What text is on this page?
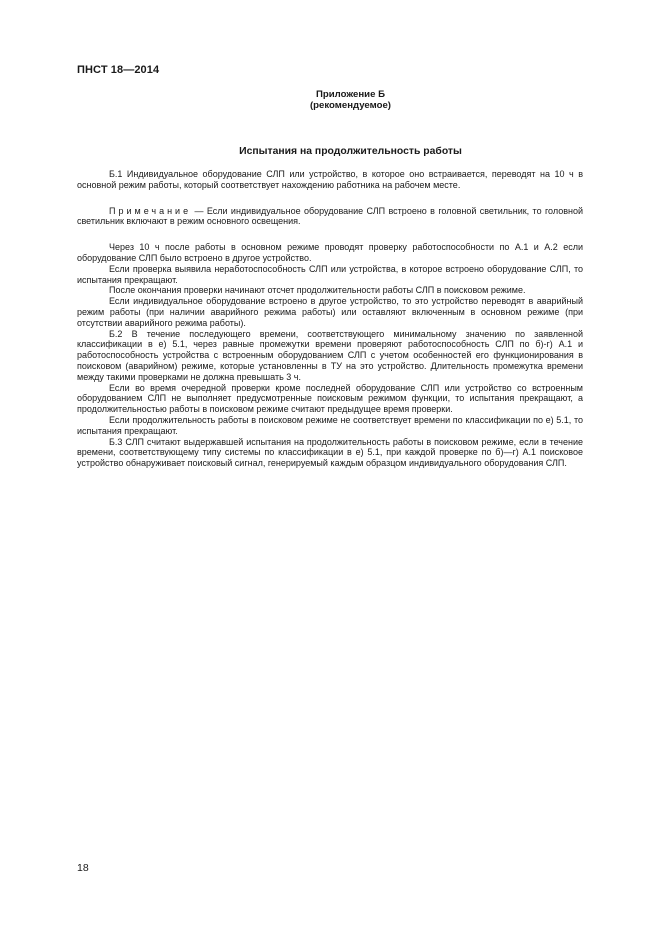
ПНСТ 18—2014
Приложение Б
(рекомендуемое)
Испытания на продолжительность работы

Б.1 Индивидуальное оборудование СЛП или устройство, в которое оно встраивается, переводят на 10 ч в основной режим работы, который соответствует нахождению работника на рабочем месте.

Примечание — Если индивидуальное оборудование СЛП встроено в головной светильник, то головной светильник включают в режим основного освещения.

Через 10 ч после работы в основном режиме проводят проверку работоспособности по А.1 и А.2 если оборудование СЛП было встроено в другое устройство.

Если проверка выявила неработоспособность СЛП или устройства, в которое встроено оборудование СЛП, то испытания прекращают.

После окончания проверки начинают отсчет продолжительности работы СЛП в поисковом режиме.

Если индивидуальное оборудование встроено в другое устройство, то это устройство переводят в аварийный режим работы (при наличии аварийного режима работы) или оставляют включенным в основном режиме (при отсутствии аварийного режима работы).

Б.2 В течение последующего времени, соответствующего минимальному значению по заявленной классификации в е) 5.1, через равные промежутки времени проверяют работоспособность СЛП по б)-г) А.1 и работоспособность устройства с встроенным оборудованием СЛП с учетом особенностей его функционирования в поисковом (аварийном) режиме, которые установленны в ТУ на это устройство. Длительность промежутка времени между такими проверками не должна превышать 3 ч.

Если во время очередной проверки кроме последней оборудование СЛП или устройство со встроенным оборудованием СЛП не выполняет предусмотренные поисковым режимом функции, то испытания прекращают, а продолжительностью работы в поисковом режиме считают предыдущее время проверки.

Если продолжительность работы в поисковом режиме не соответствует времени по классификации по е) 5.1, то испытания прекращают.

Б.3 СЛП считают выдержавшей испытания на продолжительность работы в поисковом режиме, если в течение времени, соответствующему типу системы по классификации в е) 5.1, при каждой проверке по б)—г) А.1 поисковое устройство обнаруживает поисковый сигнал, генерируемый каждым образцом индивидуального оборудования СЛП.

18
